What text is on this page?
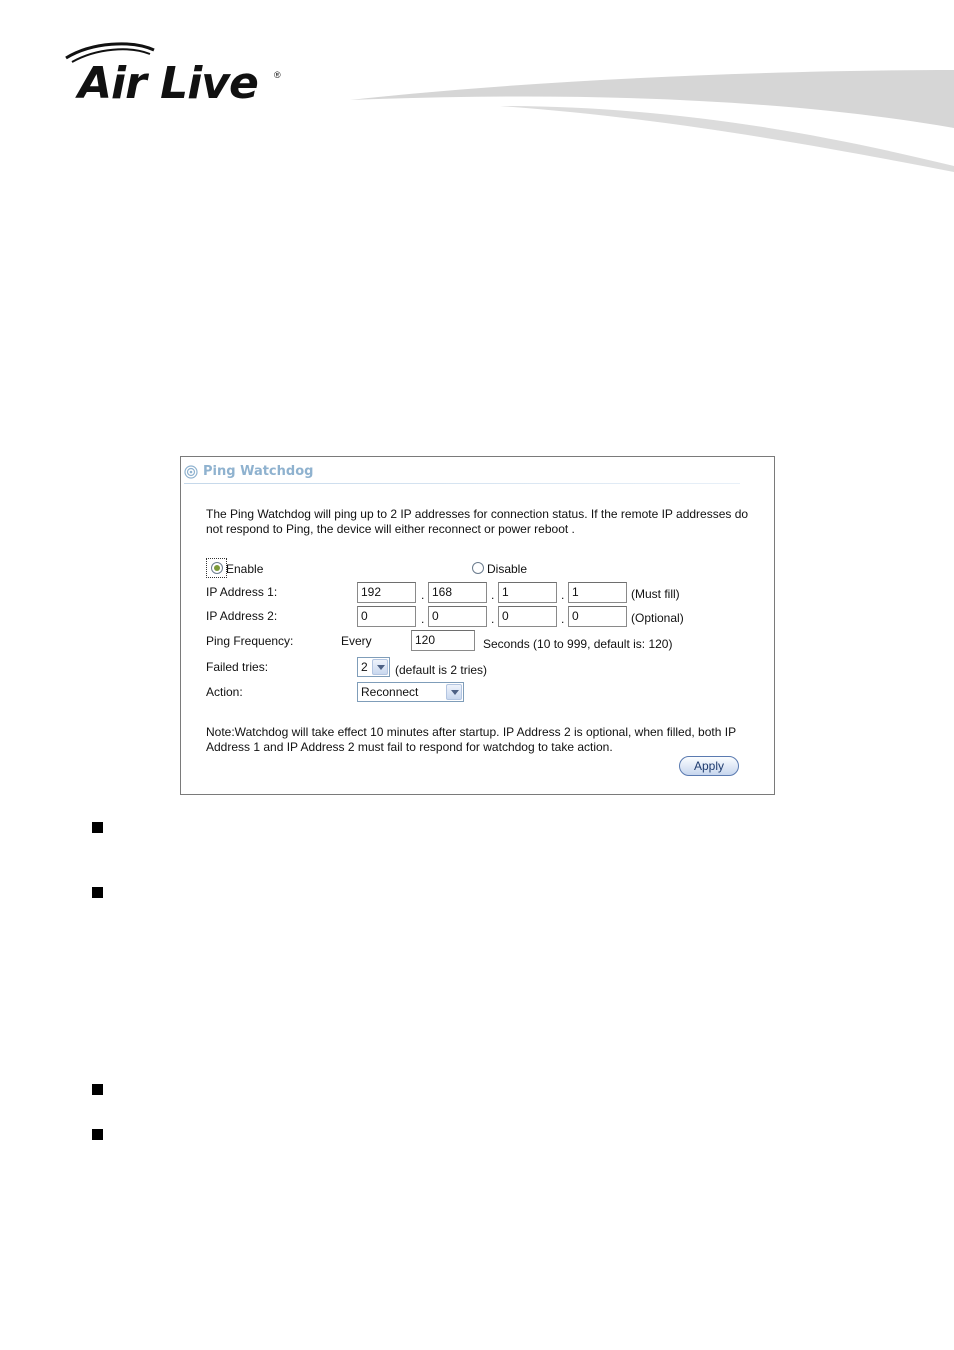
Air Live ®
Ping Watchdog
The Ping Watchdog will ping up to 2 IP addresses for connection status. If the remote IP addresses do not respond to Ping, the device will either reconnect or power reboot .
Enable	Disable
IP Address 1:	192	. 168	. 1	. 1	(Must fill)
IP Address 2:	0	. 0	. 0	. 0	(Optional)
Ping Frequency:	Every	120	Seconds (10 to 999, default is: 120)
Failed tries:	2 (default is 2 tries)
Action:	Reconnect
Note:Watchdog will take effect 10 minutes after startup. IP Address 2 is optional, when filled, both IP Address 1 and IP Address 2 must fail to respond for watchdog to take action.
Apply
